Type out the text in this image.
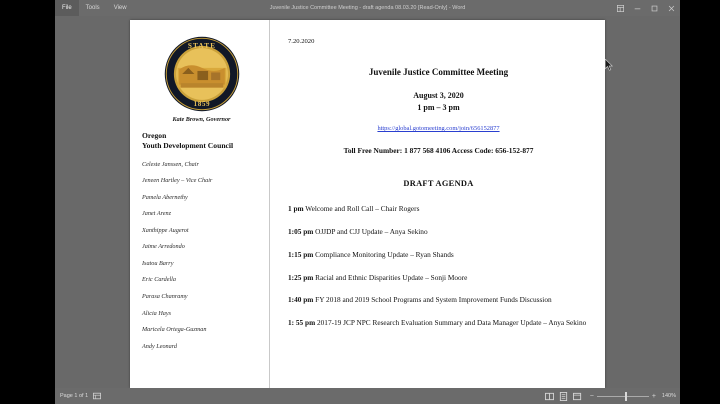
File	Tools	View	Juvenile Justice Committee Meeting - draft agenda 08.03.20 [Read-Only] - Word
STATE
1859
Kate Brown, Governor
Oregon
Youth Development Council
Celeste Janssen, Chair
Jeneen Hartley – Vice Chair
Pamela Abernethy
Janet Arenz
Xanthippe Augerot
Jaime Arredondo
Isatou Barry
Eric Cardella
Parasa Chanramy
Alicia Hays
Maricela Ortega-Guzman
Andy Leonard
7.20.2020
Juvenile Justice Committee Meeting
August 3, 2020
1 pm – 3 pm
https://global.gotomeeting.com/join/656152877
Toll Free Number: 1 877 568 4106 Access Code: 656-152-877
DRAFT AGENDA
1 pm Welcome and Roll Call – Chair Rogers
1:05 pm OJJDP and CJJ Update – Anya Sekino
1:15 pm Compliance Monitoring Update – Ryan Shands
1:25 pm Racial and Ethnic Disparities Update – Sonji Moore
1:40 pm FY 2018 and 2019 School Programs and System Improvement Funds Discussion
1: 55 pm 2017-19 JCP NPC Research Evaluation Summary and Data Manager Update – Anya Sekino
Page 1 of 1	−	+ 140%
